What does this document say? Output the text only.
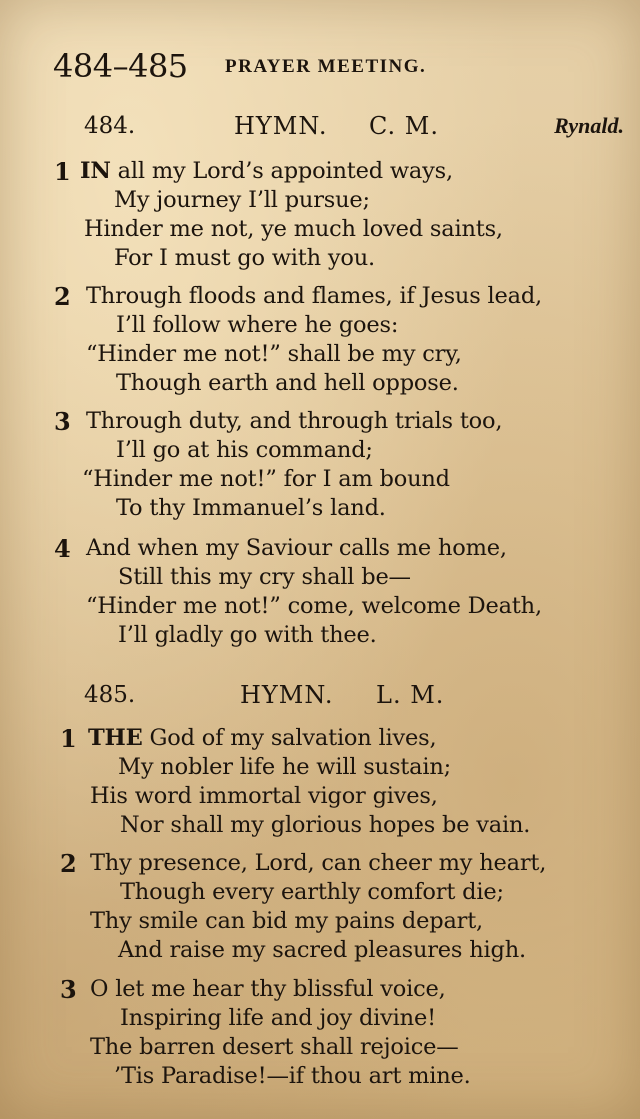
484–485 PRAYER MEETING.
484.	HYMN. C. M.	Rynald.
1 IN all my Lord’s appointed ways,
My journey I’ll pursue;
Hinder me not, ye much loved saints,
For I must go with you.
2 Through floods and flames, if Jesus lead,
I’ll follow where he goes:
“Hinder me not!” shall be my cry,
Though earth and hell oppose.
3 Through duty, and through trials too,
I’ll go at his command;
“Hinder me not!” for I am bound
To thy Immanuel’s land.
4 And when my Saviour calls me home,
Still this my cry shall be—
“Hinder me not!” come, welcome Death,
I’ll gladly go with thee.
485.	HYMN. L. M.
1 THE God of my salvation lives,
My nobler life he will sustain;
His word immortal vigor gives,
Nor shall my glorious hopes be vain.
2 Thy presence, Lord, can cheer my heart,
Though every earthly comfort die;
Thy smile can bid my pains depart,
And raise my sacred pleasures high.
3 O let me hear thy blissful voice,
Inspiring life and joy divine!
The barren desert shall rejoice—
’Tis Paradise!—if thou art mine.
